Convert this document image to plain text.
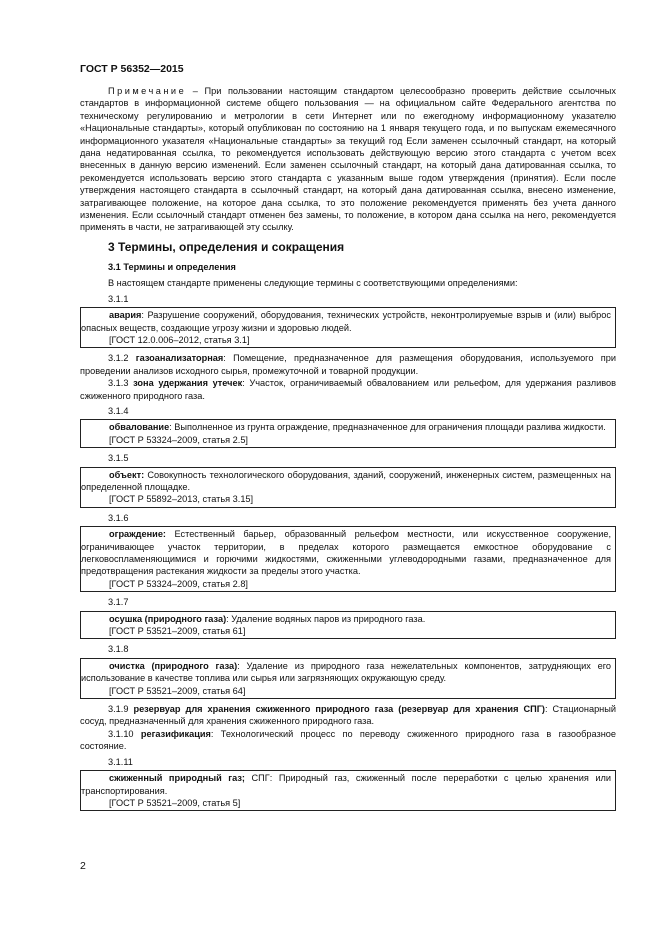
ГОСТ Р 56352—2015

Примечание – При пользовании настоящим стандартом целесообразно проверить действие ссылочных стандартов в информационной системе общего пользования — на официальном сайте Федерального агентства по техническому регулированию и метрологии в сети Интернет или по ежегодному информационному указателю «Национальные стандарты», который опубликован по состоянию на 1 января текущего года, и по выпускам ежемесячного информационного указателя «Национальные стандарты» за текущий год Если заменен ссылочный стандарт, на который дана недатированная ссылка, то рекомендуется использовать действующую версию этого стандарта с учетом всех внесенных в данную версию изменений. Если заменен ссылочный стандарт, на который дана датированная ссылка, то рекомендуется использовать версию этого стандарта с указанным выше годом утверждения (принятия). Если после утверждения настоящего стандарта в ссылочный стандарт, на который дана датированная ссылка, внесено изменение, затрагивающее положение, на которое дана ссылка, то это положение рекомендуется применять без учета данного изменения. Если ссылочный стандарт отменен без замены, то положение, в котором дана ссылка на него, рекомендуется применять в части, не затрагивающей эту ссылку.

3 Термины, определения и сокращения
3.1 Термины и определения

В настоящем стандарте применены следующие термины с соответствующими определениями:

3.1.1

авария: Разрушение сооружений, оборудования, технических устройств, неконтролируемые взрыв и (или) выброс опасных веществ, создающие угрозу жизни и здоровью людей.

[ГОСТ 12.0.006–2012, статья 3.1]

3.1.2 газоанализаторная: Помещение, предназначенное для размещения оборудования, используемого при проведении анализов исходного сырья, промежуточной и товарной продукции.

3.1.3 зона удержания утечек: Участок, ограничиваемый обвалованием или рельефом, для удержания разливов сжиженного природного газа.

3.1.4

обвалование: Выполненное из грунта ограждение, предназначенное для ограничения площади разлива жидкости.

[ГОСТ Р 53324–2009, статья 2.5]

3.1.5

объект: Совокупность технологического оборудования, зданий, сооружений, инженерных систем, размещенных на определенной площадке.

[ГОСТ Р 55892–2013, статья 3.15]

3.1.6

ограждение: Естественный барьер, образованный рельефом местности, или искусственное сооружение, ограничивающее участок территории, в пределах которого размещается емкостное оборудование с легковоспламеняющимися и горючими жидкостями, сжиженными углеводородными газами, предназначенное для предотвращения растекания жидкости за пределы этого участка.

[ГОСТ Р 53324–2009, статья 2.8]

3.1.7

осушка (природного газа): Удаление водяных паров из природного газа.

[ГОСТ Р 53521–2009, статья 61]

3.1.8

очистка (природного газа): Удаление из природного газа нежелательных компонентов, затрудняющих его использование в качестве топлива или сырья или загрязняющих окружающую среду.

[ГОСТ Р 53521–2009, статья 64]

3.1.9 резервуар для хранения сжиженного природного газа (резервуар для хранения СПГ): Стационарный сосуд, предназначенный для хранения сжиженного природного газа.

3.1.10 регазификация: Технологический процесс по переводу сжиженного природного газа в газообразное состояние.

3.1.11

сжиженный природный газ; СПГ: Природный газ, сжиженный после переработки с целью хранения или транспортирования.

[ГОСТ Р 53521–2009, статья 5]

2
